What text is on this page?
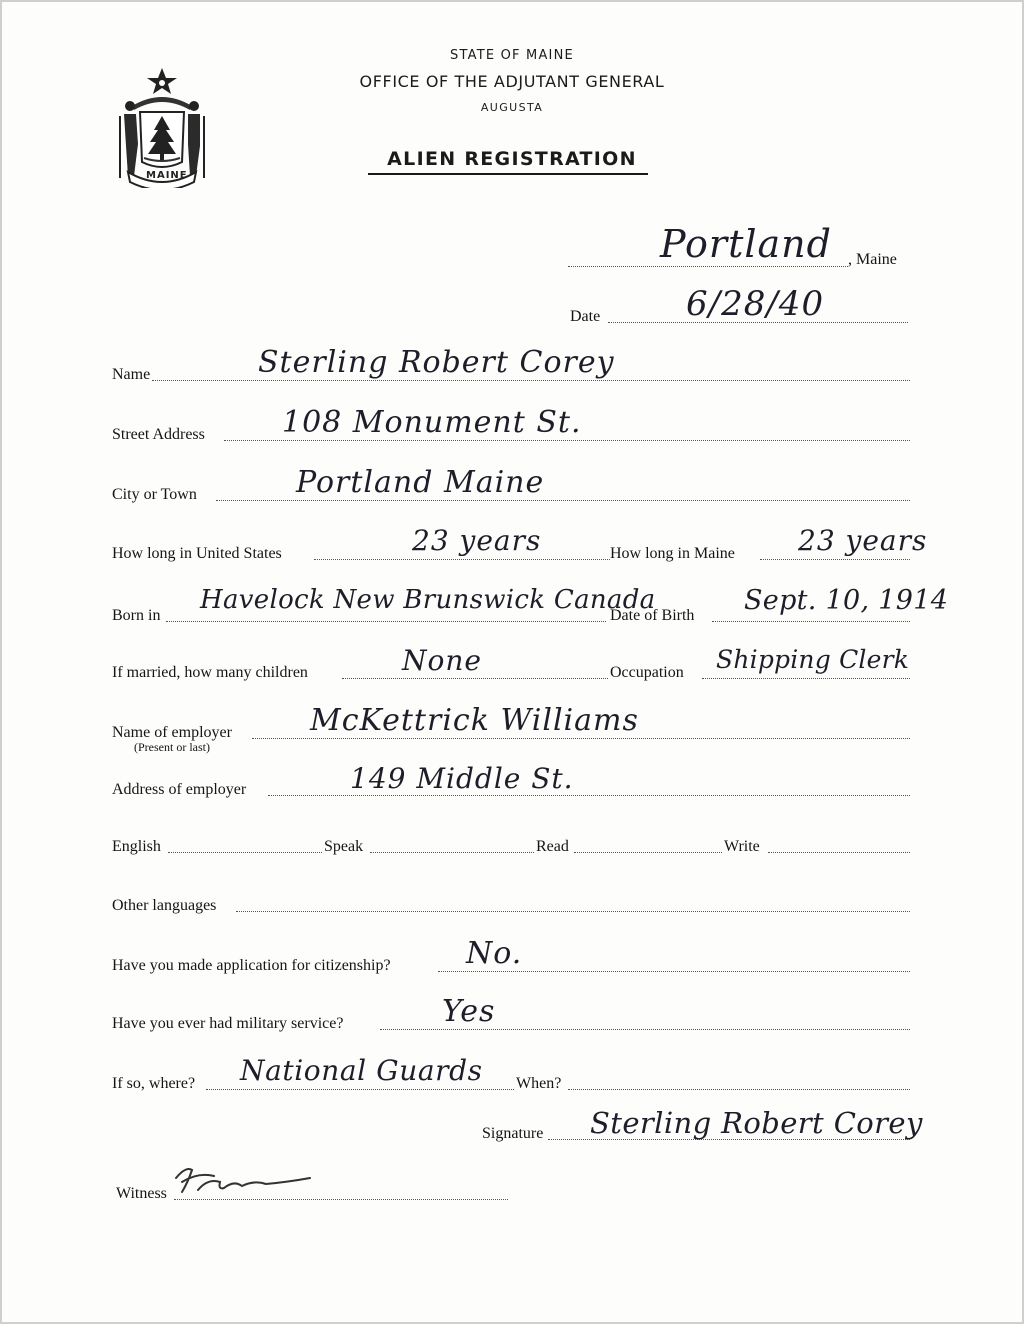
MAINE
STATE OF MAINE
OFFICE OF THE ADJUTANT GENERAL
AUGUSTA
ALIEN REGISTRATION
Portland , Maine
Date	6/28/40
Name	Sterling Robert Corey
Street Address	108 Monument St.
City or Town	Portland Maine
How long in United States	23 years	How long in Maine 23 years
Born in
Havelock New Brunswick Canada
Date of Birth Sept. 10, 1914
If married, how many children	None	Occupation Shipping Clerk
Name of employer
(Present or last)
McKettrick Williams
Address of employer	149 Middle St.
English	Speak	Read	Write
Other languages
Have you made application for citizenship?	No.
Have you ever had military service?	Yes
If so, where? National Guards When?
Signature Sterling Robert Corey
Witness
